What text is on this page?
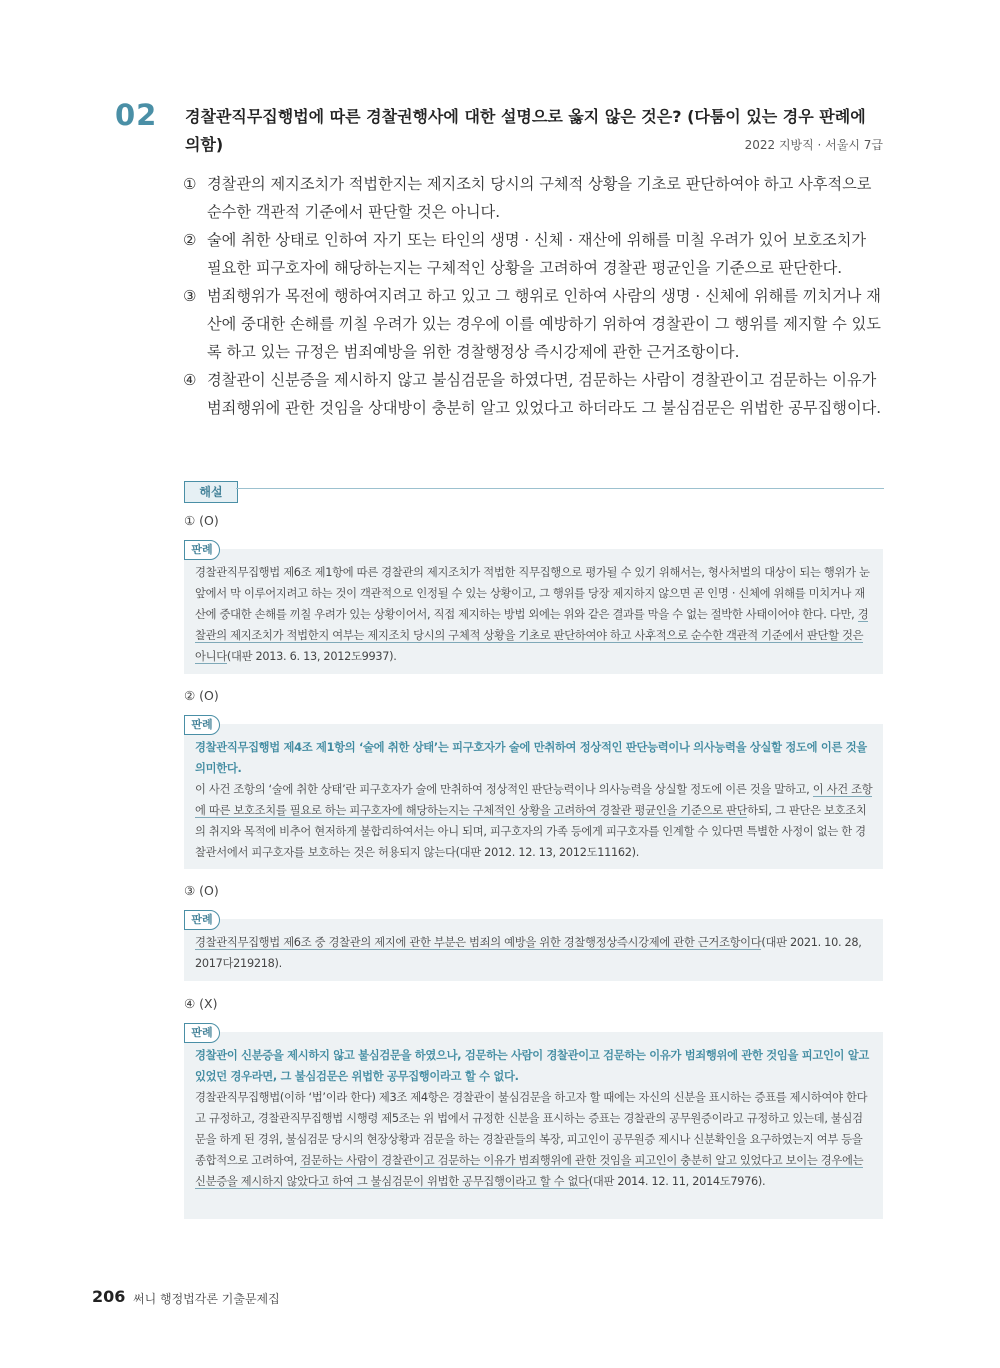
02 경찰관직무집행법에 따른 경찰권행사에 대한 설명으로 옳지 않은 것은? (다툼이 있는 경우 판례에 의함)	2022 지방직 · 서울시 7급
① 경찰관의 제지조치가 적법한지는 제지조치 당시의 구체적 상황을 기초로 판단하여야 하고 사후적으로 순수한 객관적 기준에서 판단할 것은 아니다.
② 술에 취한 상태로 인하여 자기 또는 타인의 생명 · 신체 · 재산에 위해를 미칠 우려가 있어 보호조치가 필요한 피구호자에 해당하는지는 구체적인 상황을 고려하여 경찰관 평균인을 기준으로 판단한다.
③ 범죄행위가 목전에 행하여지려고 하고 있고 그 행위로 인하여 사람의 생명 · 신체에 위해를 끼치거나 재산에 중대한 손해를 끼칠 우려가 있는 경우에 이를 예방하기 위하여 경찰관이 그 행위를 제지할 수 있도록 하고 있는 규정은 범죄예방을 위한 경찰행정상 즉시강제에 관한 근거조항이다.
④ 경찰관이 신분증을 제시하지 않고 불심검문을 하였다면, 검문하는 사람이 경찰관이고 검문하는 이유가 범죄행위에 관한 것임을 상대방이 충분히 알고 있었다고 하더라도 그 불심검문은 위법한 공무집행이다.
해설
① (O)
판례

경찰관직무집행법 제6조 제1항에 따른 경찰관의 제지조치가 적법한 직무집행으로 평가될 수 있기 위해서는, 형사처벌의 대상이 되는 행위가 눈앞에서 막 이루어지려고 하는 것이 객관적으로 인정될 수 있는 상황이고, 그 행위를 당장 제지하지 않으면 곧 인명 · 신체에 위해를 미치거나 재산에 중대한 손해를 끼칠 우려가 있는 상황이어서, 직접 제지하는 방법 외에는 위와 같은 결과를 막을 수 없는 절박한 사태이어야 한다. 다만, 경찰관의 제지조치가 적법한지 여부는 제지조치 당시의 구체적 상황을 기초로 판단하여야 하고 사후적으로 순수한 객관적 기준에서 판단할 것은 아니다(대판 2013. 6. 13, 2012도9937).

② (O)
판례

경찰관직무집행법 제4조 제1항의 ‘술에 취한 상태’는 피구호자가 술에 만취하여 정상적인 판단능력이나 의사능력을 상실할 정도에 이른 것을 의미한다.

이 사건 조항의 ‘술에 취한 상태’란 피구호자가 술에 만취하여 정상적인 판단능력이나 의사능력을 상실할 정도에 이른 것을 말하고, 이 사건 조항에 따른 보호조치를 필요로 하는 피구호자에 해당하는지는 구체적인 상황을 고려하여 경찰관 평균인을 기준으로 판단하되, 그 판단은 보호조치의 취지와 목적에 비추어 현저하게 불합리하여서는 아니 되며, 피구호자의 가족 등에게 피구호자를 인계할 수 있다면 특별한 사정이 없는 한 경찰관서에서 피구호자를 보호하는 것은 허용되지 않는다(대판 2012. 12. 13, 2012도11162).

③ (O)
판례

경찰관직무집행법 제6조 중 경찰관의 제지에 관한 부분은 범죄의 예방을 위한 경찰행정상즉시강제에 관한 근거조항이다(대판 2021. 10. 28, 2017다219218).

④ (X)
판례

경찰관이 신분증을 제시하지 않고 불심검문을 하였으나, 검문하는 사람이 경찰관이고 검문하는 이유가 범죄행위에 관한 것임을 피고인이 알고 있었던 경우라면, 그 불심검문은 위법한 공무집행이라고 할 수 없다.

경찰관직무집행법(이하 ‘법’이라 한다) 제3조 제4항은 경찰관이 불심검문을 하고자 할 때에는 자신의 신분을 표시하는 증표를 제시하여야 한다고 규정하고, 경찰관직무집행법 시행령 제5조는 위 법에서 규정한 신분을 표시하는 증표는 경찰관의 공무원증이라고 규정하고 있는데, 불심검문을 하게 된 경위, 불심검문 당시의 현장상황과 검문을 하는 경찰관들의 복장, 피고인이 공무원증 제시나 신분확인을 요구하였는지 여부 등을 종합적으로 고려하여, 검문하는 사람이 경찰관이고 검문하는 이유가 범죄행위에 관한 것임을 피고인이 충분히 알고 있었다고 보이는 경우에는 신분증을 제시하지 않았다고 하여 그 불심검문이 위법한 공무집행이라고 할 수 없다(대판 2014. 12. 11, 2014도7976).

206 써니 행정법각론 기출문제집
